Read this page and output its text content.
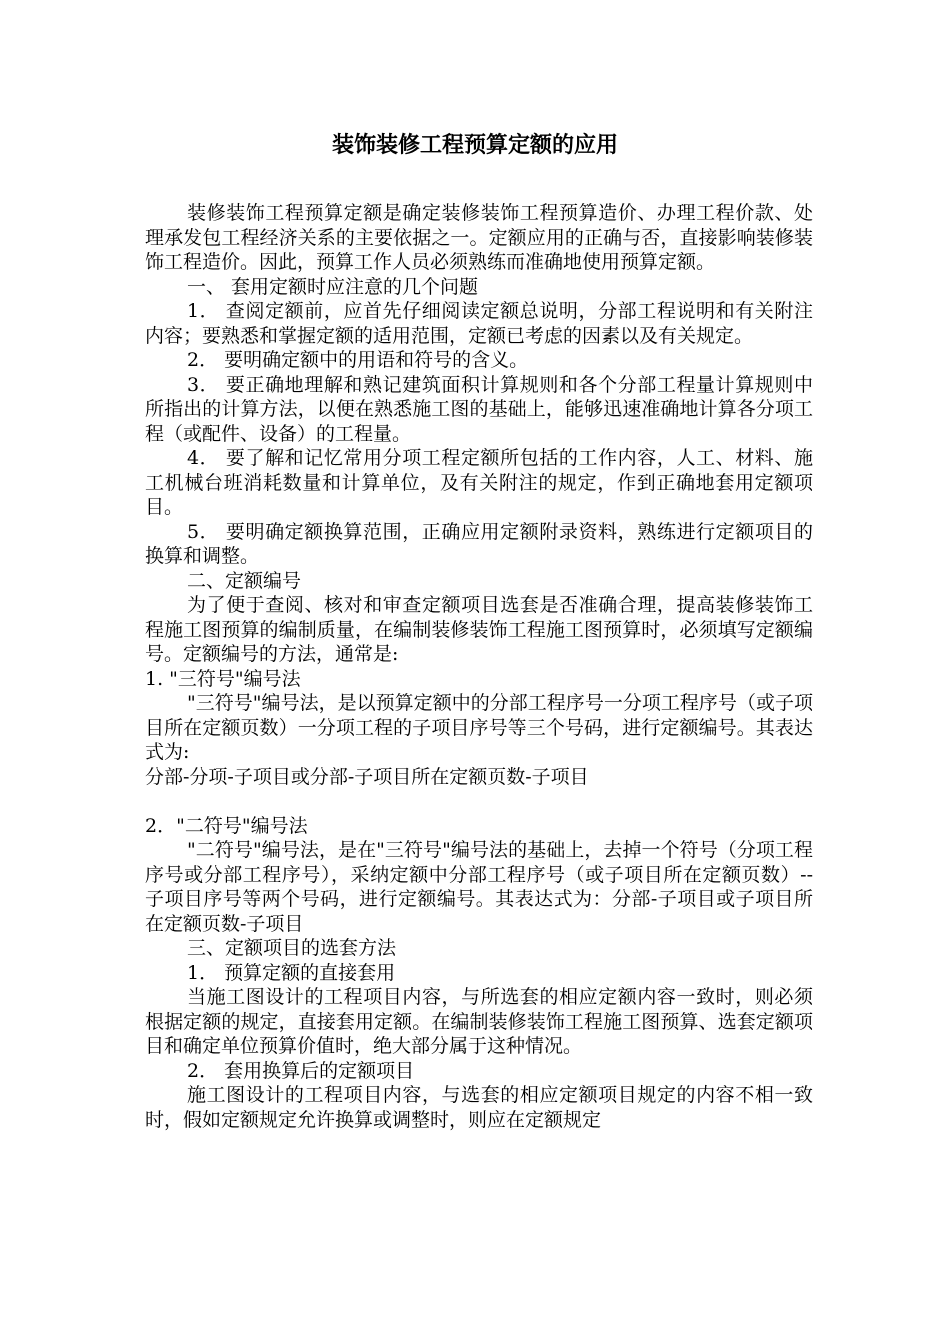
装饰装修工程预算定额的应用

装修装饰工程预算定额是确定装修装饰工程预算造价、办理工程价款、处理承发包工程经济关系的主要依据之一。定额应用的正确与否，直接影响装修装饰工程造价。因此，预算工作人员必须熟练而准确地使用预算定额。

一、 套用定额时应注意的几个问题

1． 查阅定额前，应首先仔细阅读定额总说明，分部工程说明和有关附注内容；要熟悉和掌握定额的适用范围，定额已考虑的因素以及有关规定。

2． 要明确定额中的用语和符号的含义。

3． 要正确地理解和熟记建筑面积计算规则和各个分部工程量计算规则中所指出的计算方法，以便在熟悉施工图的基础上，能够迅速准确地计算各分项工程（或配件、设备）的工程量。

4． 要了解和记忆常用分项工程定额所包括的工作内容，人工、材料、施工机械台班消耗数量和计算单位，及有关附注的规定，作到正确地套用定额项目。

5． 要明确定额换算范围，正确应用定额附录资料，熟练进行定额项目的换算和调整。

二、定额编号

为了便于查阅、核对和审查定额项目选套是否准确合理，提高装修装饰工程施工图预算的编制质量，在编制装修装饰工程施工图预算时，必须填写定额编号。定额编号的方法，通常是:

1. "三符号"编号法

"三符号"编号法，是以预算定额中的分部工程序号一分项工程序号（或子项目所在定额页数）一分项工程的子项目序号等三个号码，进行定额编号。其表达式为:

分部-分项-子项目或分部-子项目所在定额页数-子项目

2．"二符号"编号法

"二符号"编号法，是在"三符号"编号法的基础上，去掉一个符号（分项工程序号或分部工程序号），采纳定额中分部工程序号（或子项目所在定额页数）--子项目序号等两个号码，进行定额编号。其表达式为：分部-子项目或子项目所在定额页数-子项目

三、定额项目的选套方法

1． 预算定额的直接套用

当施工图设计的工程项目内容，与所选套的相应定额内容一致时，则必须根据定额的规定，直接套用定额。在编制装修装饰工程施工图预算、选套定额项目和确定单位预算价值时，绝大部分属于这种情况。

2． 套用换算后的定额项目

施工图设计的工程项目内容，与选套的相应定额项目规定的内容不相一致时，假如定额规定允许换算或调整时，则应在定额规定
